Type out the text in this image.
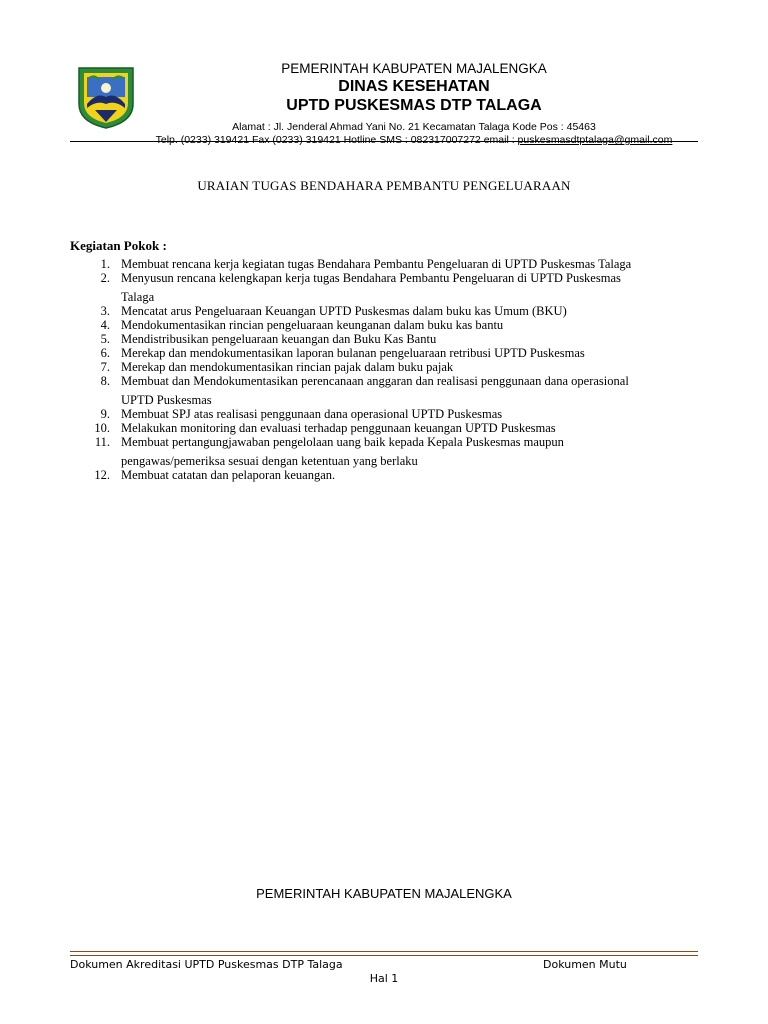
PEMERINTAH KABUPATEN MAJALENGKA
DINAS KESEHATAN
UPTD PUSKESMAS DTP TALAGA
Alamat : Jl. Jenderal Ahmad Yani No. 21 Kecamatan Talaga Kode Pos : 45463
Telp. (0233) 319421 Fax (0233) 319421 Hotline SMS : 082317007272 email : puskesmasdtptalaga@gmail.com
URAIAN TUGAS BENDAHARA PEMBANTU PENGELUARAAN
Kegiatan Pokok :
1. Membuat rencana kerja kegiatan tugas Bendahara Pembantu Pengeluaran di UPTD Puskesmas Talaga
2. Menyusun rencana kelengkapan kerja tugas Bendahara Pembantu Pengeluaran di UPTD Puskesmas
Talaga
3. Mencatat arus Pengeluaraan Keuangan UPTD Puskesmas dalam buku kas Umum (BKU)
4. Mendokumentasikan rincian pengeluaraan keunganan dalam buku kas bantu
5. Mendistribusikan pengeluaraan keuangan dan Buku Kas Bantu
6. Merekap dan mendokumentasikan laporan bulanan pengeluaraan retribusi UPTD Puskesmas
7. Merekap dan mendokumentasikan rincian pajak dalam buku pajak
8. Membuat dan Mendokumentasikan perencanaan anggaran dan realisasi penggunaan dana operasional
UPTD Puskesmas
9. Membuat SPJ atas realisasi penggunaan dana operasional UPTD Puskesmas
10. Melakukan monitoring dan evaluasi terhadap penggunaan keuangan UPTD Puskesmas
11. Membuat pertangungjawaban pengelolaan uang baik kepada Kepala Puskesmas maupun
pengawas/pemeriksa sesuai dengan ketentuan yang berlaku
12. Membuat catatan dan pelaporan keuangan.
PEMERINTAH KABUPATEN MAJALENGKA
Dokumen Akreditasi UPTD Puskesmas DTP Talaga	Dokumen Mutu
Hal 1
